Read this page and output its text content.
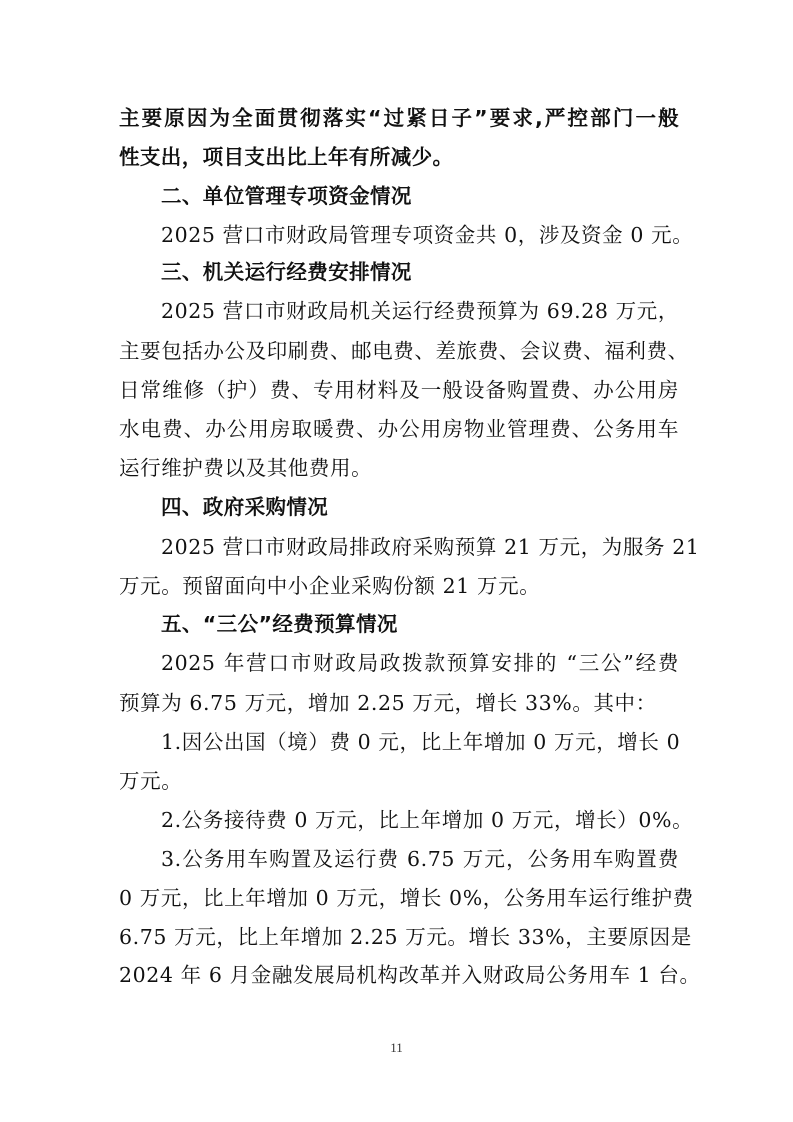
主要原因为全面贯彻落实“过紧日子”要求,严控部门一般
性支出，项目支出比上年有所减少。
二、单位管理专项资金情况
2025 营口市财政局管理专项资金共 0，涉及资金 0 元。
三、机关运行经费安排情况
2025 营口市财政局机关运行经费预算为 69.28 万元，
主要包括办公及印刷费、邮电费、差旅费、会议费、福利费、
日常维修（护）费、专用材料及一般设备购置费、办公用房
水电费、办公用房取暖费、办公用房物业管理费、公务用车
运行维护费以及其他费用。
四、政府采购情况
2025 营口市财政局排政府采购预算 21 万元，为服务 21
万元。预留面向中小企业采购份额 21 万元。
五、“三公”经费预算情况
2025 年营口市财政局政拨款预算安排的 “三公”经费
预算为 6.75 万元，增加 2.25 万元，增长 33%。其中：
1.因公出国（境）费 0 元，比上年增加 0 万元，增长 0
万元。
2.公务接待费 0 万元，比上年增加 0 万元，增长）0%。
3.公务用车购置及运行费 6.75 万元，公务用车购置费
0 万元，比上年增加 0 万元，增长 0%，公务用车运行维护费
6.75 万元，比上年增加 2.25 万元。增长 33%，主要原因是
2024 年 6 月金融发展局机构改革并入财政局公务用车 1 台。
11
